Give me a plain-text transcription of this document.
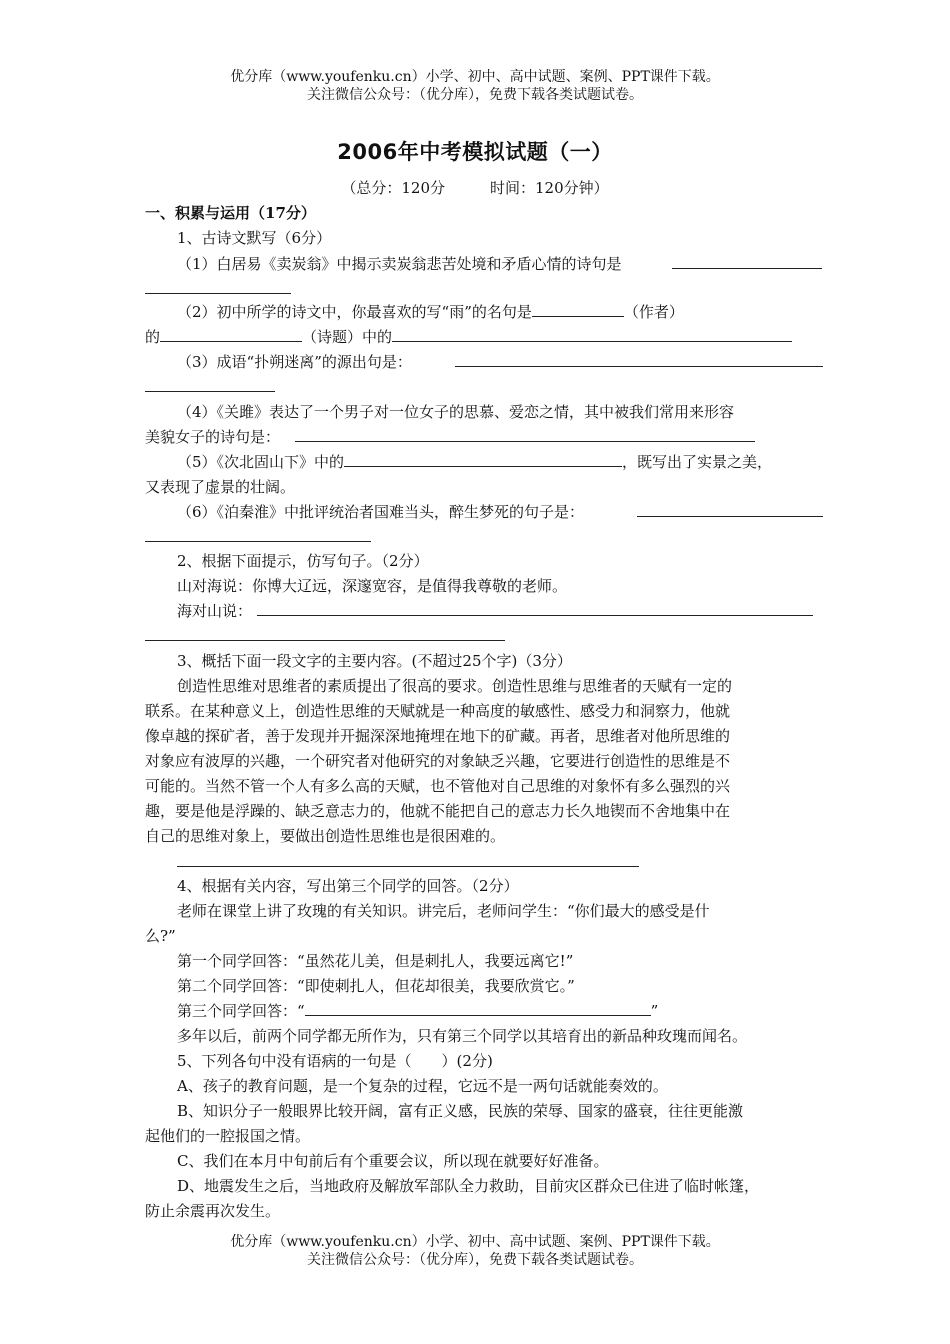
优分库（www.youfenku.cn）小学、初中、高中试题、案例、PPT课件下载。
关注微信公众号：（优分库），免费下载各类试题试卷。
2006年中考模拟试题（一）
（总分：120分　　　时间：120分钟）
一、积累与运用（17分）
1、古诗文默写（6分）
（1）白居易《卖炭翁》中揭示卖炭翁悲苦处境和矛盾心情的诗句是
（2）初中所学的诗文中，你最喜欢的写“雨”的名句是	（作者）
的	（诗题）中的
（3）成语“扑朔迷离”的源出句是：
（4）《关雎》表达了一个男子对一位女子的思慕、爱恋之情，其中被我们常用来形容
美貌女子的诗句是：
（5）《次北固山下》中的	，既写出了实景之美，
又表现了虚景的壮阔。
（6）《泊秦淮》中批评统治者国难当头，醉生梦死的句子是：
2、根据下面提示，仿写句子。（2分）
山对海说：你博大辽远，深邃宽容，是值得我尊敬的老师。
海对山说：
3、概括下面一段文字的主要内容。(不超过25个字)（3分）
创造性思维对思维者的素质提出了很高的要求。创造性思维与思维者的天赋有一定的
联系。在某种意义上，创造性思维的天赋就是一种高度的敏感性、感受力和洞察力，他就
像卓越的探矿者，善于发现并开掘深深地掩埋在地下的矿藏。再者，思维者对他所思维的
对象应有波厚的兴趣，一个研究者对他研究的对象缺乏兴趣，它要进行创造性的思维是不
可能的。当然不管一个人有多么高的天赋，也不管他对自己思维的对象怀有多么强烈的兴
趣，要是他是浮躁的、缺乏意志力的，他就不能把自己的意志力长久地锲而不舍地集中在
自己的思维对象上，要做出创造性思维也是很困难的。
4、根据有关内容，写出第三个同学的回答。（2分）
老师在课堂上讲了玫瑰的有关知识。讲完后，老师问学生：“你们最大的感受是什
么?”
第一个同学回答：“虽然花儿美，但是刺扎人，我要远离它!”
第二个同学回答：“即使刺扎人，但花却很美，我要欣赏它。”
第三个同学回答：“	”
多年以后，前两个同学都无所作为，只有第三个同学以其培育出的新品种玫瑰而闻名。
5、下列各句中没有语病的一句是（　　）(2分)
A、孩子的教育问题，是一个复杂的过程，它远不是一两句话就能奏效的。
B、知识分子一般眼界比较开阔，富有正义感，民族的荣辱、国家的盛衰，往往更能激
起他们的一腔报国之情。
C、我们在本月中旬前后有个重要会议，所以现在就要好好准备。
D、地震发生之后，当地政府及解放军部队全力救助，目前灾区群众已住进了临时帐篷，
防止余震再次发生。
优分库（www.youfenku.cn）小学、初中、高中试题、案例、PPT课件下载。
关注微信公众号：（优分库），免费下载各类试题试卷。
